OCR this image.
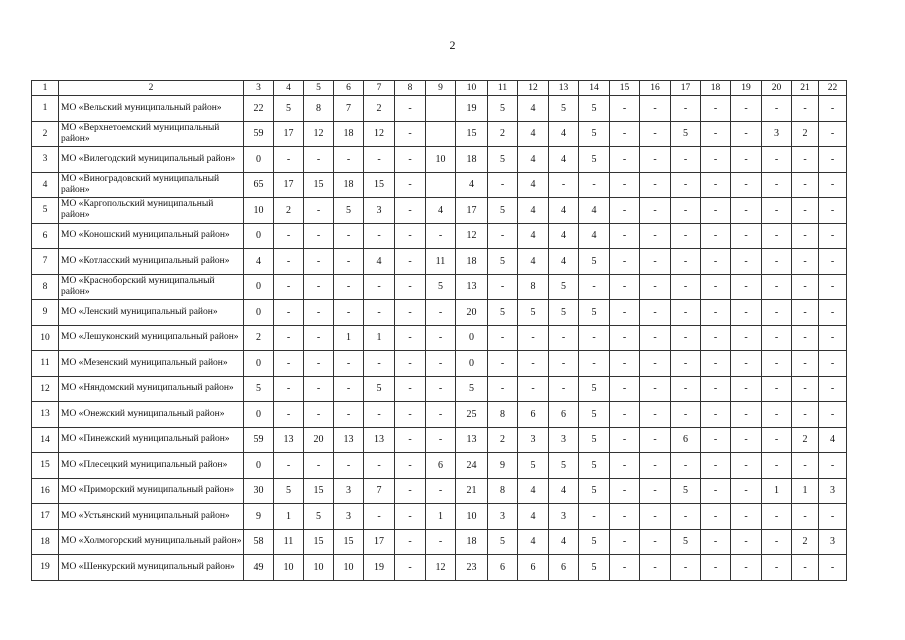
2
1	2	3	4	5	6	7	8	9	10	11	12	13	14	15	16	17	18	19	20	21	22
1	МО «Вельский муниципальный район»	22	5	8	7	2	-		19	5	4	5	5	-	-	-	-	-	-	-	-
2	МО «Верхнетоемский муниципальный район»	59	17	12	18	12	-		15	2	4	4	5	-	-	5	-	-	3	2	-
3	МО «Вилегодский муниципальный район»	0	-	-	-	-	-	10	18	5	4	4	5	-	-	-	-	-	-	-	-
4	МО «Виноградовский муниципальный район»	65	17	15	18	15	-		4	-	4	-	-	-	-	-	-	-	-	-	-
5	МО «Каргопольский муниципальный район»	10	2	-	5	3	-	4	17	5	4	4	4	-	-	-	-	-	-	-	-
6	МО «Коношский муниципальный район»	0	-	-	-	-	-	-	12	-	4	4	4	-	-	-	-	-	-	-	-
7	МО «Котласский муниципальный район»	4	-	-	-	4	-	11	18	5	4	4	5	-	-	-	-	-	-	-	-
8	МО «Красноборский муниципальный район»	0	-	-	-	-	-	5	13	-	8	5	-	-	-	-	-	-	-	-	-
9	МО «Ленский муниципальный район»	0	-	-	-	-	-	-	20	5	5	5	5	-	-	-	-	-	-	-	-
10	МО «Лешуконский муниципальный район»	2	-	-	1	1	-	-	0	-	-	-	-	-	-	-	-	-	-	-	-
11	МО «Мезенский муниципальный район»	0	-	-	-	-	-	-	0	-	-	-	-	-	-	-	-	-	-	-	-
12	МО «Няндомский муниципальный район»	5	-	-	-	5	-	-	5	-	-	-	5	-	-	-	-	-	-	-	-
13	МО «Онежский муниципальный район»	0	-	-	-	-	-	-	25	8	6	6	5	-	-	-	-	-	-	-	-
14	МО «Пинежский муниципальный район»	59	13	20	13	13	-	-	13	2	3	3	5	-	-	6	-	-	-	2	4
15	МО «Плесецкий муниципальный район»	0	-	-	-	-	-	6	24	9	5	5	5	-	-	-	-	-	-	-	-
16	МО «Приморский муниципальный район»	30	5	15	3	7	-	-	21	8	4	4	5	-	-	5	-	-	1	1	3
17	МО «Устьянский муниципальный район»	9	1	5	3	-	-	1	10	3	4	3	-	-	-	-	-	-	-	-	-
18	МО «Холмогорский муниципальный район»	58	11	15	15	17	-	-	18	5	4	4	5	-	-	5	-	-	-	2	3
19	МО «Шенкурский муниципальный район»	49	10	10	10	19	-	12	23	6	6	6	5	-	-	-	-	-	-	-	-
